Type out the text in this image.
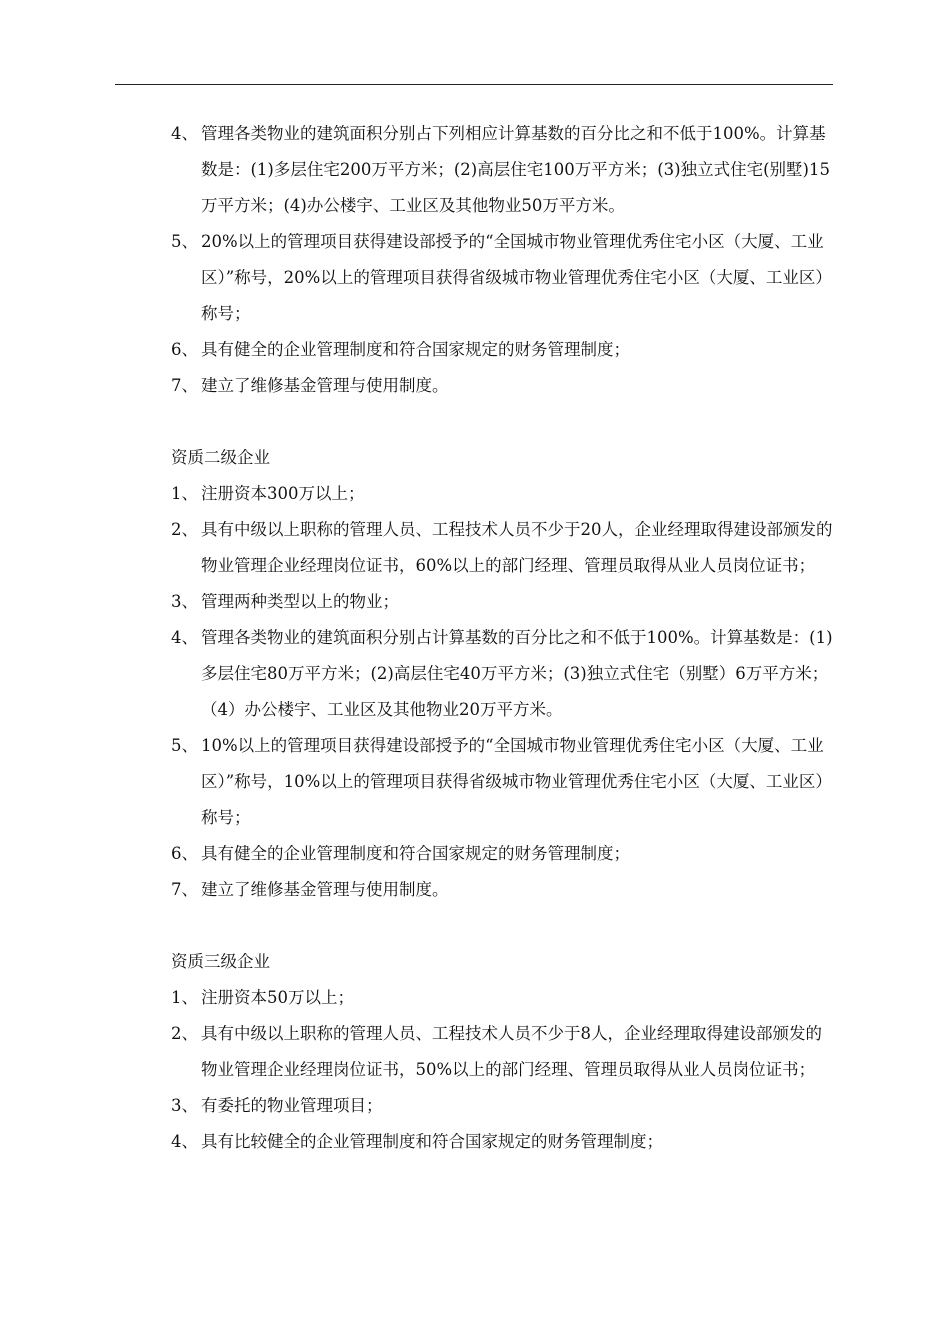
4、 管理各类物业的建筑面积分别占下列相应计算基数的百分比之和不低于100%。计算基数是：(1)多层住宅200万平方米；(2)高层住宅100万平方米；(3)独立式住宅(别墅)15万平方米；(4)办公楼宇、工业区及其他物业50万平方米。
5、 20%以上的管理项目获得建设部授予的“全国城市物业管理优秀住宅小区（大厦、工业区）”称号，20%以上的管理项目获得省级城市物业管理优秀住宅小区（大厦、工业区）称号；
6、 具有健全的企业管理制度和符合国家规定的财务管理制度；
7、 建立了维修基金管理与使用制度。

资质二级企业

1、 注册资本300万以上；
2、 具有中级以上职称的管理人员、工程技术人员不少于20人，企业经理取得建设部颁发的物业管理企业经理岗位证书，60%以上的部门经理、管理员取得从业人员岗位证书；
3、 管理两种类型以上的物业；
4、 管理各类物业的建筑面积分别占计算基数的百分比之和不低于100%。计算基数是：(1)多层住宅80万平方米；(2)高层住宅40万平方米；(3)独立式住宅（别墅）6万平方米；（4）办公楼宇、工业区及其他物业20万平方米。
5、 10%以上的管理项目获得建设部授予的“全国城市物业管理优秀住宅小区（大厦、工业区）”称号，10%以上的管理项目获得省级城市物业管理优秀住宅小区（大厦、工业区）称号；
6、 具有健全的企业管理制度和符合国家规定的财务管理制度；
7、 建立了维修基金管理与使用制度。

资质三级企业

1、 注册资本50万以上；
2、 具有中级以上职称的管理人员、工程技术人员不少于8人，企业经理取得建设部颁发的物业管理企业经理岗位证书，50%以上的部门经理、管理员取得从业人员岗位证书；
3、 有委托的物业管理项目；
4、 具有比较健全的企业管理制度和符合国家规定的财务管理制度；
